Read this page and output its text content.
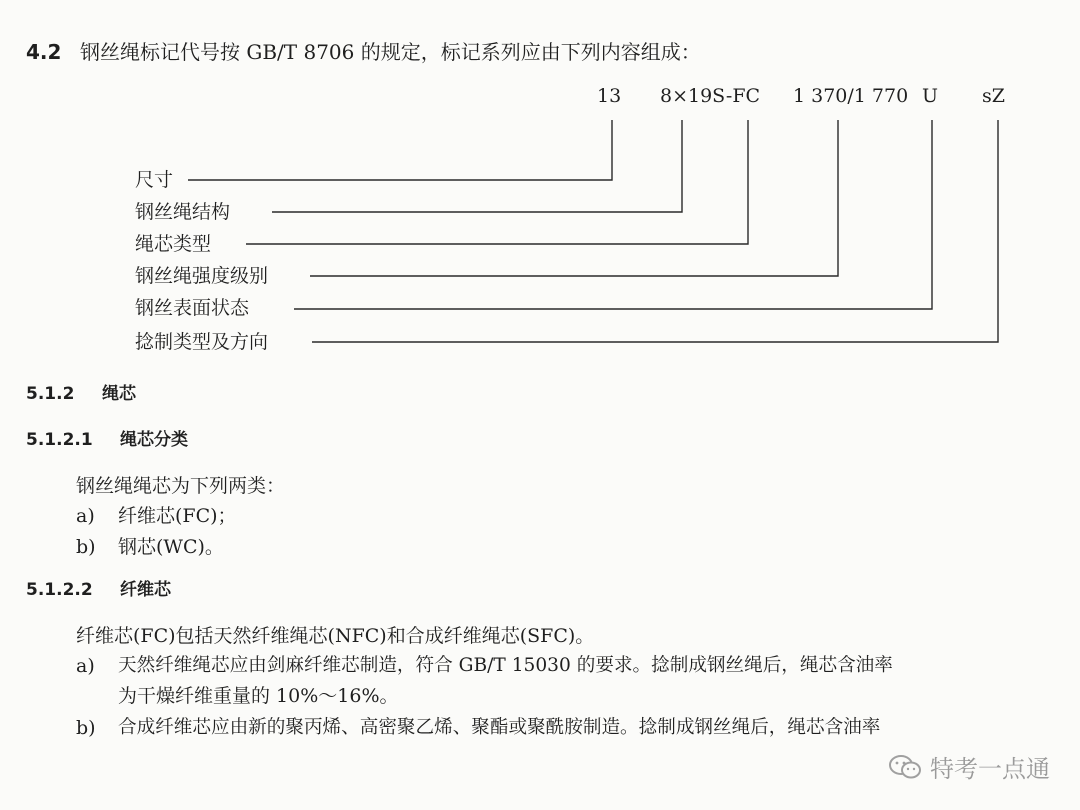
4.2 钢丝绳标记代号按 GB/T 8706 的规定，标记系列应由下列内容组成：
13 8×19S-FC 1 370/1 770 U sZ
尺寸
钢丝绳结构
绳芯类型
钢丝绳强度级别
钢丝表面状态
捻制类型及方向
5.1.2 绳芯
5.1.2.1 绳芯分类
钢丝绳绳芯为下列两类：
a) 纤维芯(FC)；
b) 钢芯(WC)。
5.1.2.2 纤维芯
纤维芯(FC)包括天然纤维绳芯(NFC)和合成纤维绳芯(SFC)。
a) 天然纤维绳芯应由剑麻纤维芯制造，符合 GB/T 15030 的要求。捻制成钢丝绳后，绳芯含油率
为干燥纤维重量的 10%～16%。
b) 合成纤维芯应由新的聚丙烯、高密聚乙烯、聚酯或聚酰胺制造。捻制成钢丝绳后，绳芯含油率
特考一点通
